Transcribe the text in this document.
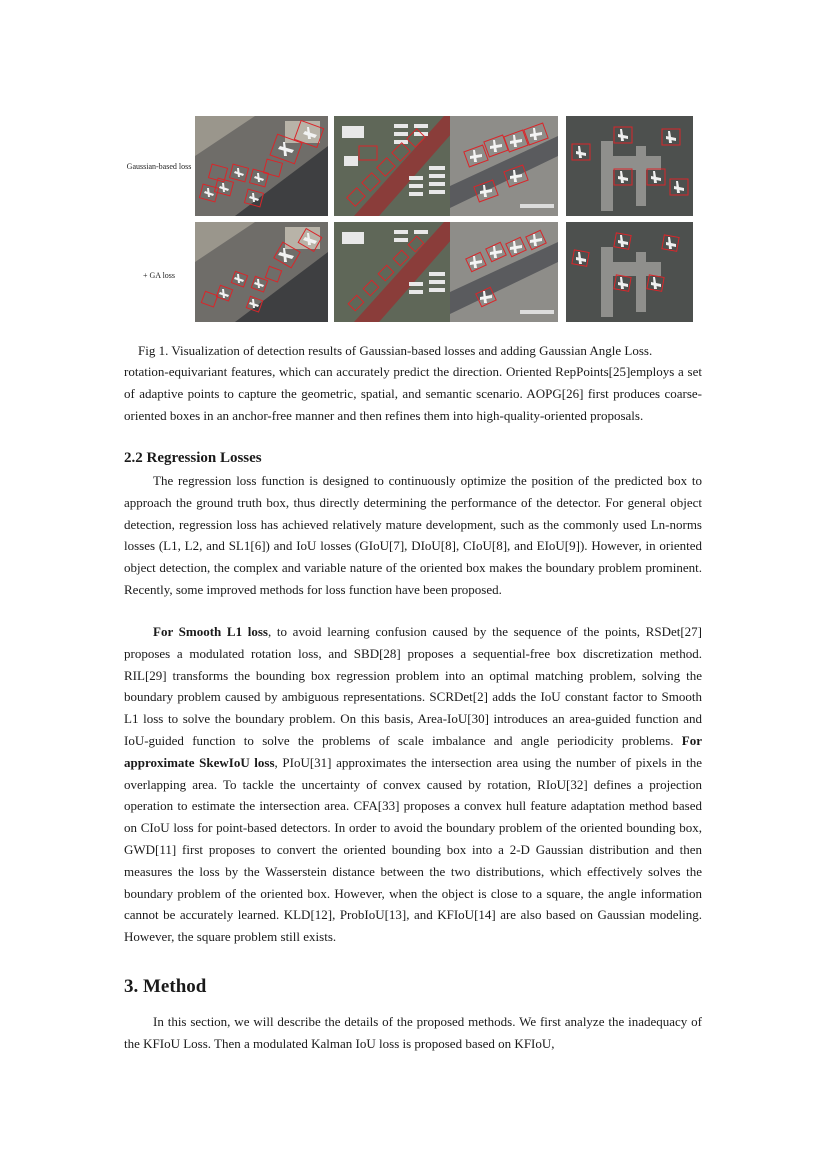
Gaussian-based loss
+ GA loss
Fig 1. Visualization of detection results of Gaussian-based losses and adding Gaussian Angle Loss.

rotation-equivariant features, which can accurately predict the direction. Oriented RepPoints[25]employs a set of adaptive points to capture the geometric, spatial, and semantic scenario. AOPG[26] first produces coarse-oriented boxes in an anchor-free manner and then refines them into high-quality-oriented proposals.

2.2 Regression Losses

The regression loss function is designed to continuously optimize the position of the predicted box to approach the ground truth box, thus directly determining the performance of the detector. For general object detection, regression loss has achieved relatively mature development, such as the commonly used Ln-norms losses (L1, L2, and SL1[6]) and IoU losses (GIoU[7], DIoU[8], CIoU[8], and EIoU[9]). However, in oriented object detection, the complex and variable nature of the oriented box makes the boundary problem prominent. Recently, some improved methods for loss function have been proposed.

For Smooth L1 loss, to avoid learning confusion caused by the sequence of the points, RSDet[27] proposes a modulated rotation loss, and SBD[28] proposes a sequential-free box discretization method. RIL[29] transforms the bounding box regression problem into an optimal matching problem, solving the boundary problem caused by ambiguous representations. SCRDet[2] adds the IoU constant factor to Smooth L1 loss to solve the boundary problem. On this basis, Area-IoU[30] introduces an area-guided function and IoU-guided function to solve the problems of scale imbalance and angle periodicity problems. For approximate SkewIoU loss, PIoU[31] approximates the intersection area using the number of pixels in the overlapping area. To tackle the uncertainty of convex caused by rotation, RIoU[32] defines a projection operation to estimate the intersection area. CFA[33] proposes a convex hull feature adaptation method based on CIoU loss for point-based detectors. In order to avoid the boundary problem of the oriented bounding box, GWD[11] first proposes to convert the oriented bounding box into a 2-D Gaussian distribution and then measures the loss by the Wasserstein distance between the two distributions, which effectively solves the boundary problem of the oriented box. However, when the object is close to a square, the angle information cannot be accurately learned. KLD[12], ProbIoU[13], and KFIoU[14] are also based on Gaussian modeling. However, the square problem still exists.

3. Method

In this section, we will describe the details of the proposed methods. We first analyze the inadequacy of the KFIoU Loss. Then a modulated Kalman IoU loss is proposed based on KFIoU,
